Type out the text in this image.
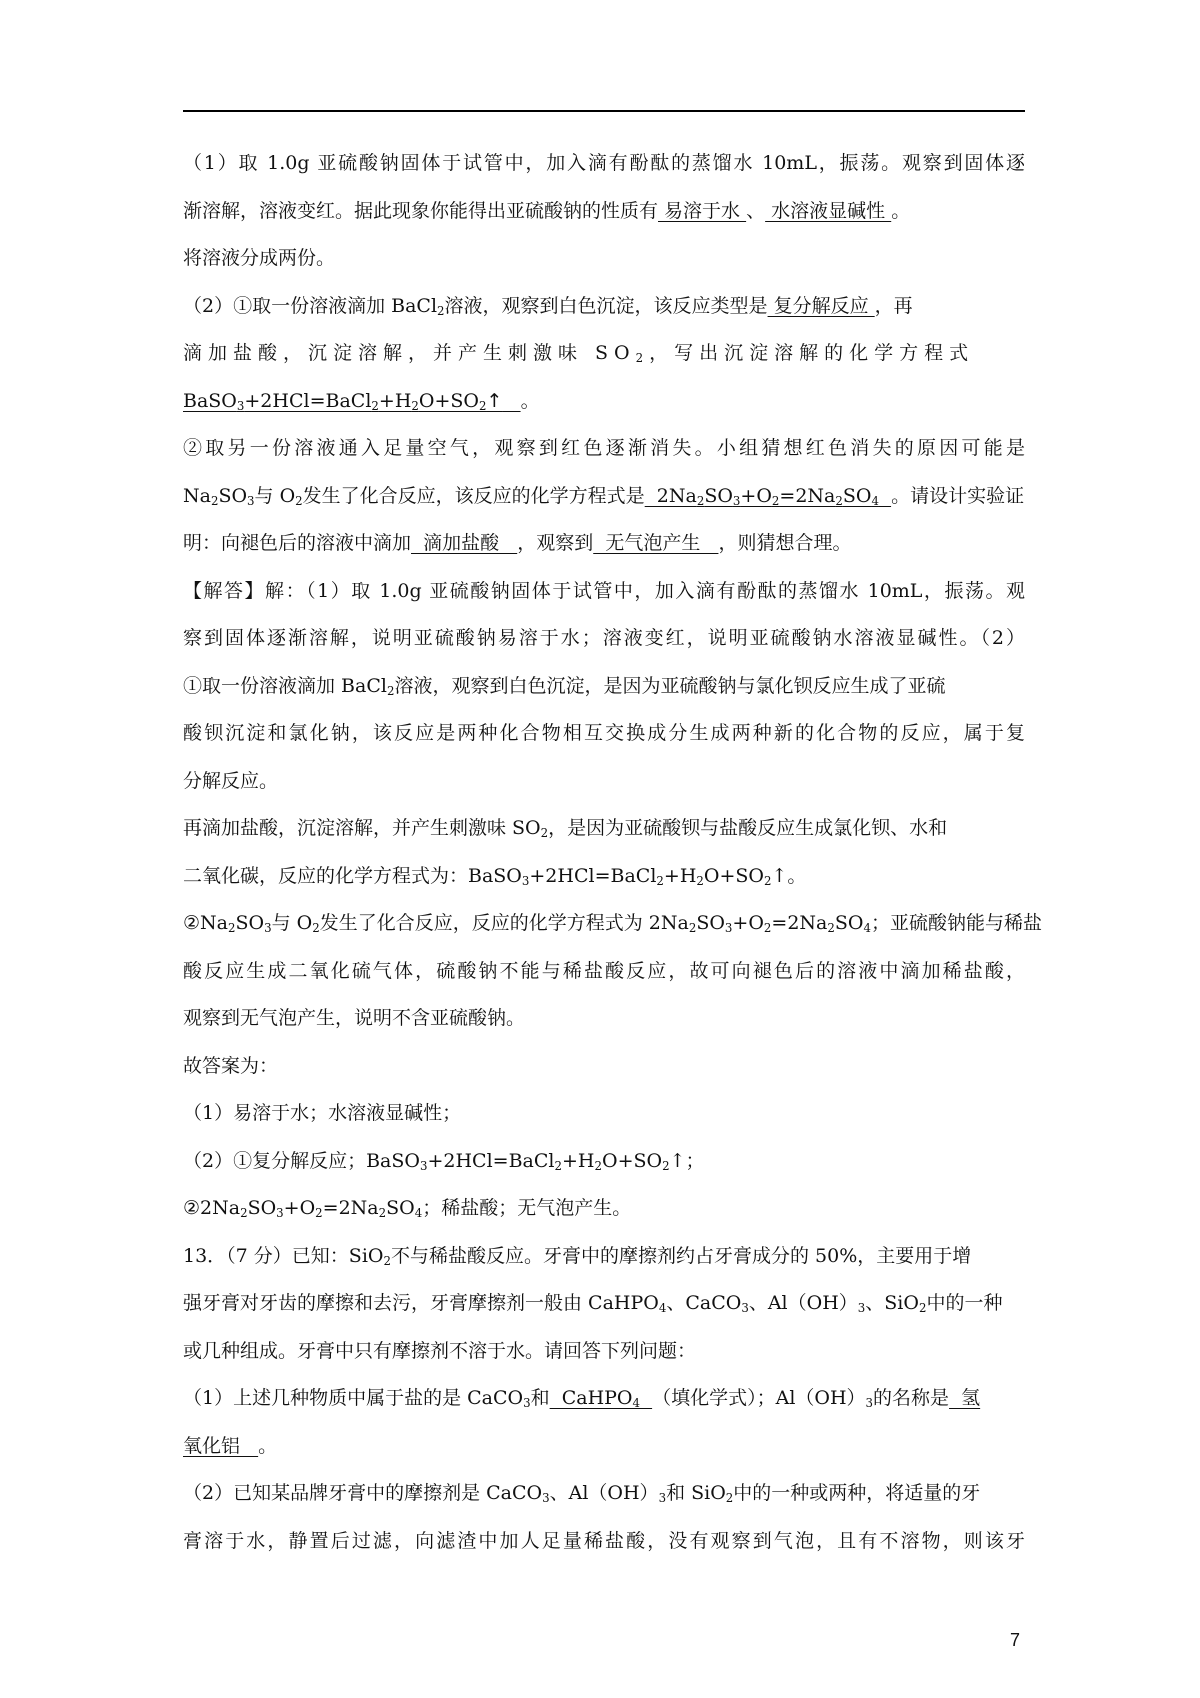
（1）取 1.0g 亚硫酸钠固体于试管中，加入滴有酚酞的蒸馏水 10mL，振荡。观察到固体逐
渐溶解，溶液变红。据此现象你能得出亚硫酸钠的性质有 易溶于水 、 水溶液显碱性 。
将溶液分成两份。
（2）①取一份溶液滴加 BaCl$_2$溶液，观察到白色沉淀，该反应类型是 复分解反应 ，再
滴加盐酸，沉淀溶解，并产生刺激味 $SO_2$，写出沉淀溶解的化学方程式
$BaSO_3+2HCl=BaCl_2+H_2O+SO_2↑$ 。
②取另一份溶液通入足量空气，观察到红色逐渐消失。小组猜想红色消失的原因可能是
$Na_2SO_3$与 $O_2$发生了化合反应，该反应的化学方程式是  $2Na_2SO_3+O_2=2Na_2SO_4$ 。请设计实验证
明：向褪色后的溶液中滴加  滴加盐酸   ，观察到  无气泡产生   ，则猜想合理。
【解答】解：（1）取 1.0g 亚硫酸钠固体于试管中，加入滴有酚酞的蒸馏水 10mL，振荡。观
察到固体逐渐溶解，说明亚硫酸钠易溶于水；溶液变红，说明亚硫酸钠水溶液显碱性。（2）
①取一份溶液滴加 BaCl$_2$溶液，观察到白色沉淀，是因为亚硫酸钠与氯化钡反应生成了亚硫
酸钡沉淀和氯化钠，该反应是两种化合物相互交换成分生成两种新的化合物的反应，属于复
分解反应。
再滴加盐酸，沉淀溶解，并产生刺激味 $SO_2$，是因为亚硫酸钡与盐酸反应生成氯化钡、水和
二氧化碳，反应的化学方程式为：$BaSO_3+2HCl=BaCl_2+H_2O+SO_2↑$。
$②Na_2SO_3$与 $O_2$发生了化合反应，反应的化学方程式为 $2Na_2SO_3+O_2=2Na_2SO_4$；亚硫酸钠能与稀盐
酸反应生成二氧化硫气体，硫酸钠不能与稀盐酸反应，故可向褪色后的溶液中滴加稀盐酸，
观察到无气泡产生，说明不含亚硫酸钠。
故答案为：
（1）易溶于水；水溶液显碱性；
（2）①复分解反应；$BaSO_3+2HCl=BaCl_2+H_2O+SO_2↑$；
$②2Na_2SO_3+O_2=2Na_2SO_4$；稀盐酸；无气泡产生。
13．（7 分）已知：SiO$_2$不与稀盐酸反应。牙膏中的摩擦剂约占牙膏成分的 50%，主要用于增
强牙膏对牙齿的摩擦和去污，牙膏摩擦剂一般由 CaHPO$_4$、CaCO$_3$、$Al(OH)_3$、SiO$_2$中的一种
或几种组成。牙膏中只有摩擦剂不溶于水。请回答下列问题：
（1）上述几种物质中属于盐的是 CaCO$_3$和  CaHPO$_4$ （填化学式）；$Al(OH)_3$的名称是  氢
氧化铝   。
（2）已知某品牌牙膏中的摩擦剂是 CaCO$_3$、$Al(OH)_3$和 SiO$_2$中的一种或两种，将适量的牙
膏溶于水，静置后过滤，向滤渣中加人足量稀盐酸，没有观察到气泡，且有不溶物，则该牙
7
